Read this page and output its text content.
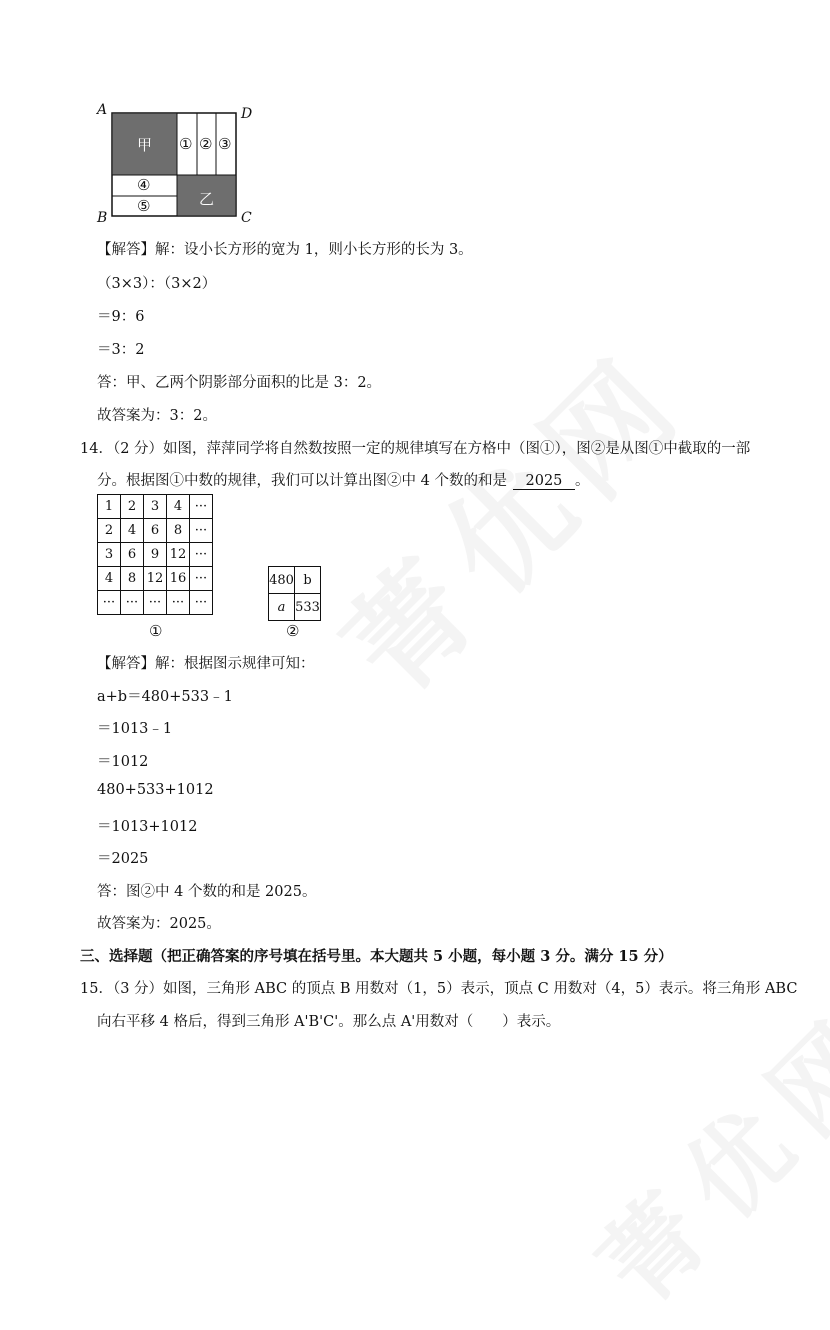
A	D
B	C
甲
乙
① ② ③
④
⑤
【解答】解：设小长方形的宽为 1，则小长方形的长为 3。
（3×3）：（3×2）
＝9：6
＝3：2
答：甲、乙两个阴影部分面积的比是 3：2。
故答案为：3：2。
14．（2 分）如图，萍萍同学将自然数按照一定的规律填写在方格中（图①），图②是从图①中截取的一部
分。根据图①中数的规律，我们可以计算出图②中 4 个数的和是 2025 。
1	2	3	4	···
2	4	6	8	···
3	6	9	12	···
4	8	12	16	···
···	···	···	···	···
①
480	b
a	533
②
【解答】解：根据图示规律可知：
a+b＝480+533﹣1
＝1013﹣1
＝1012
480+533+1012
＝1013+1012
＝2025
答：图②中 4 个数的和是 2025。
故答案为：2025。
三、选择题（把正确答案的序号填在括号里。本大题共 5 小题，每小题 3 分。满分 15 分）
15．（3 分）如图，三角形 ABC 的顶点 B 用数对（1，5）表示，顶点 C 用数对（4，5）表示。将三角形 ABC
向右平移 4 格后，得到三角形 A'B'C'。那么点 A'用数对（　　）表示。
